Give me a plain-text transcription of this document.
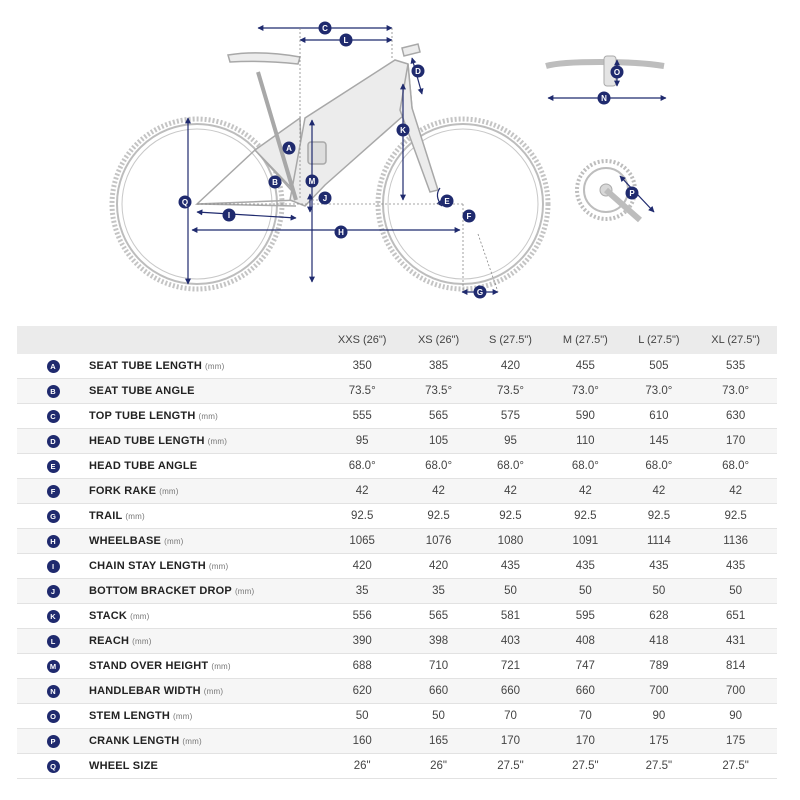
A
B
C
D
E
F
G
H
I
J
K
L
M
N
O
P
Q
		XXS (26")	XS (26")	S (27.5")	M (27.5")	L (27.5")	XL (27.5")
A	SEAT TUBE LENGTH (mm)	350	385	420	455	505	535
B	SEAT TUBE ANGLE	73.5°	73.5°	73.5°	73.0°	73.0°	73.0°
C	TOP TUBE LENGTH (mm)	555	565	575	590	610	630
D	HEAD TUBE LENGTH (mm)	95	105	95	110	145	170
E	HEAD TUBE ANGLE	68.0°	68.0°	68.0°	68.0°	68.0°	68.0°
F	FORK RAKE (mm)	42	42	42	42	42	42
G	TRAIL (mm)	92.5	92.5	92.5	92.5	92.5	92.5
H	WHEELBASE (mm)	1065	1076	1080	1091	1114	1136
I	CHAIN STAY LENGTH (mm)	420	420	435	435	435	435
J	BOTTOM BRACKET DROP (mm)	35	35	50	50	50	50
K	STACK (mm)	556	565	581	595	628	651
L	REACH (mm)	390	398	403	408	418	431
M	STAND OVER HEIGHT (mm)	688	710	721	747	789	814
N	HANDLEBAR WIDTH (mm)	620	660	660	660	700	700
O	STEM LENGTH (mm)	50	50	70	70	90	90
P	CRANK LENGTH (mm)	160	165	170	170	175	175
Q	WHEEL SIZE	26"	26"	27.5"	27.5"	27.5"	27.5"
